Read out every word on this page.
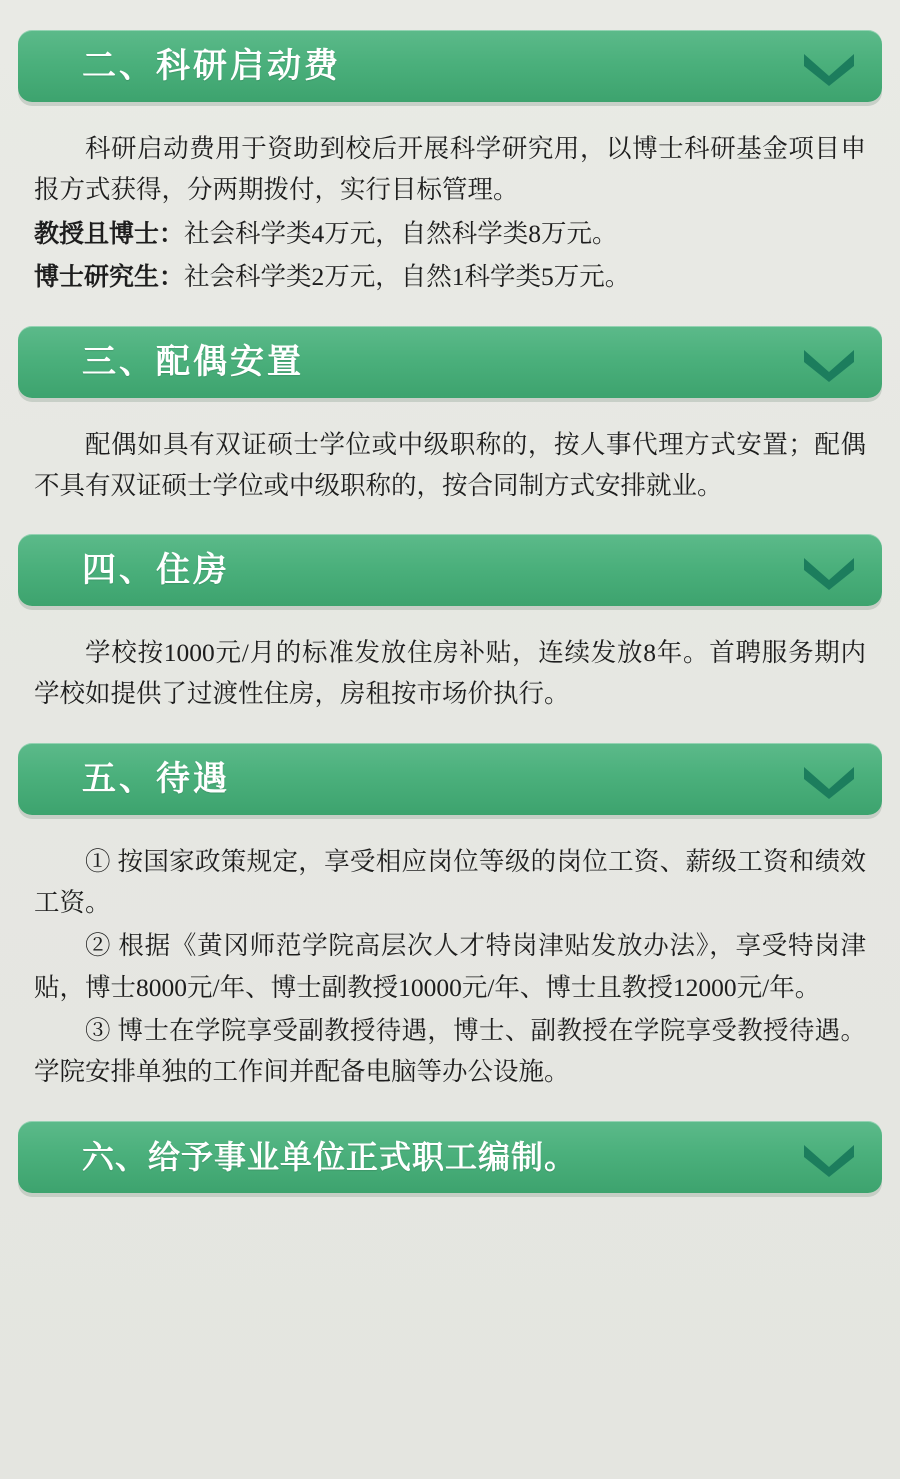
二、科研启动费

科研启动费用于资助到校后开展科学研究用，以博士科研基金项目申报方式获得，分两期拨付，实行目标管理。

教授且博士：社会科学类4万元，自然科学类8万元。

博士研究生：社会科学类2万元，自然1科学类5万元。

三、配偶安置

配偶如具有双证硕士学位或中级职称的，按人事代理方式安置；配偶不具有双证硕士学位或中级职称的，按合同制方式安排就业。

四、住房

学校按1000元/月的标准发放住房补贴，连续发放8年。首聘服务期内学校如提供了过渡性住房，房租按市场价执行。

五、待遇

① 按国家政策规定，享受相应岗位等级的岗位工资、薪级工资和绩效工资。

② 根据《黄冈师范学院高层次人才特岗津贴发放办法》，享受特岗津贴，博士8000元/年、博士副教授10000元/年、博士且教授12000元/年。

③ 博士在学院享受副教授待遇，博士、副教授在学院享受教授待遇。学院安排单独的工作间并配备电脑等办公设施。

六、给予事业单位正式职工编制。
